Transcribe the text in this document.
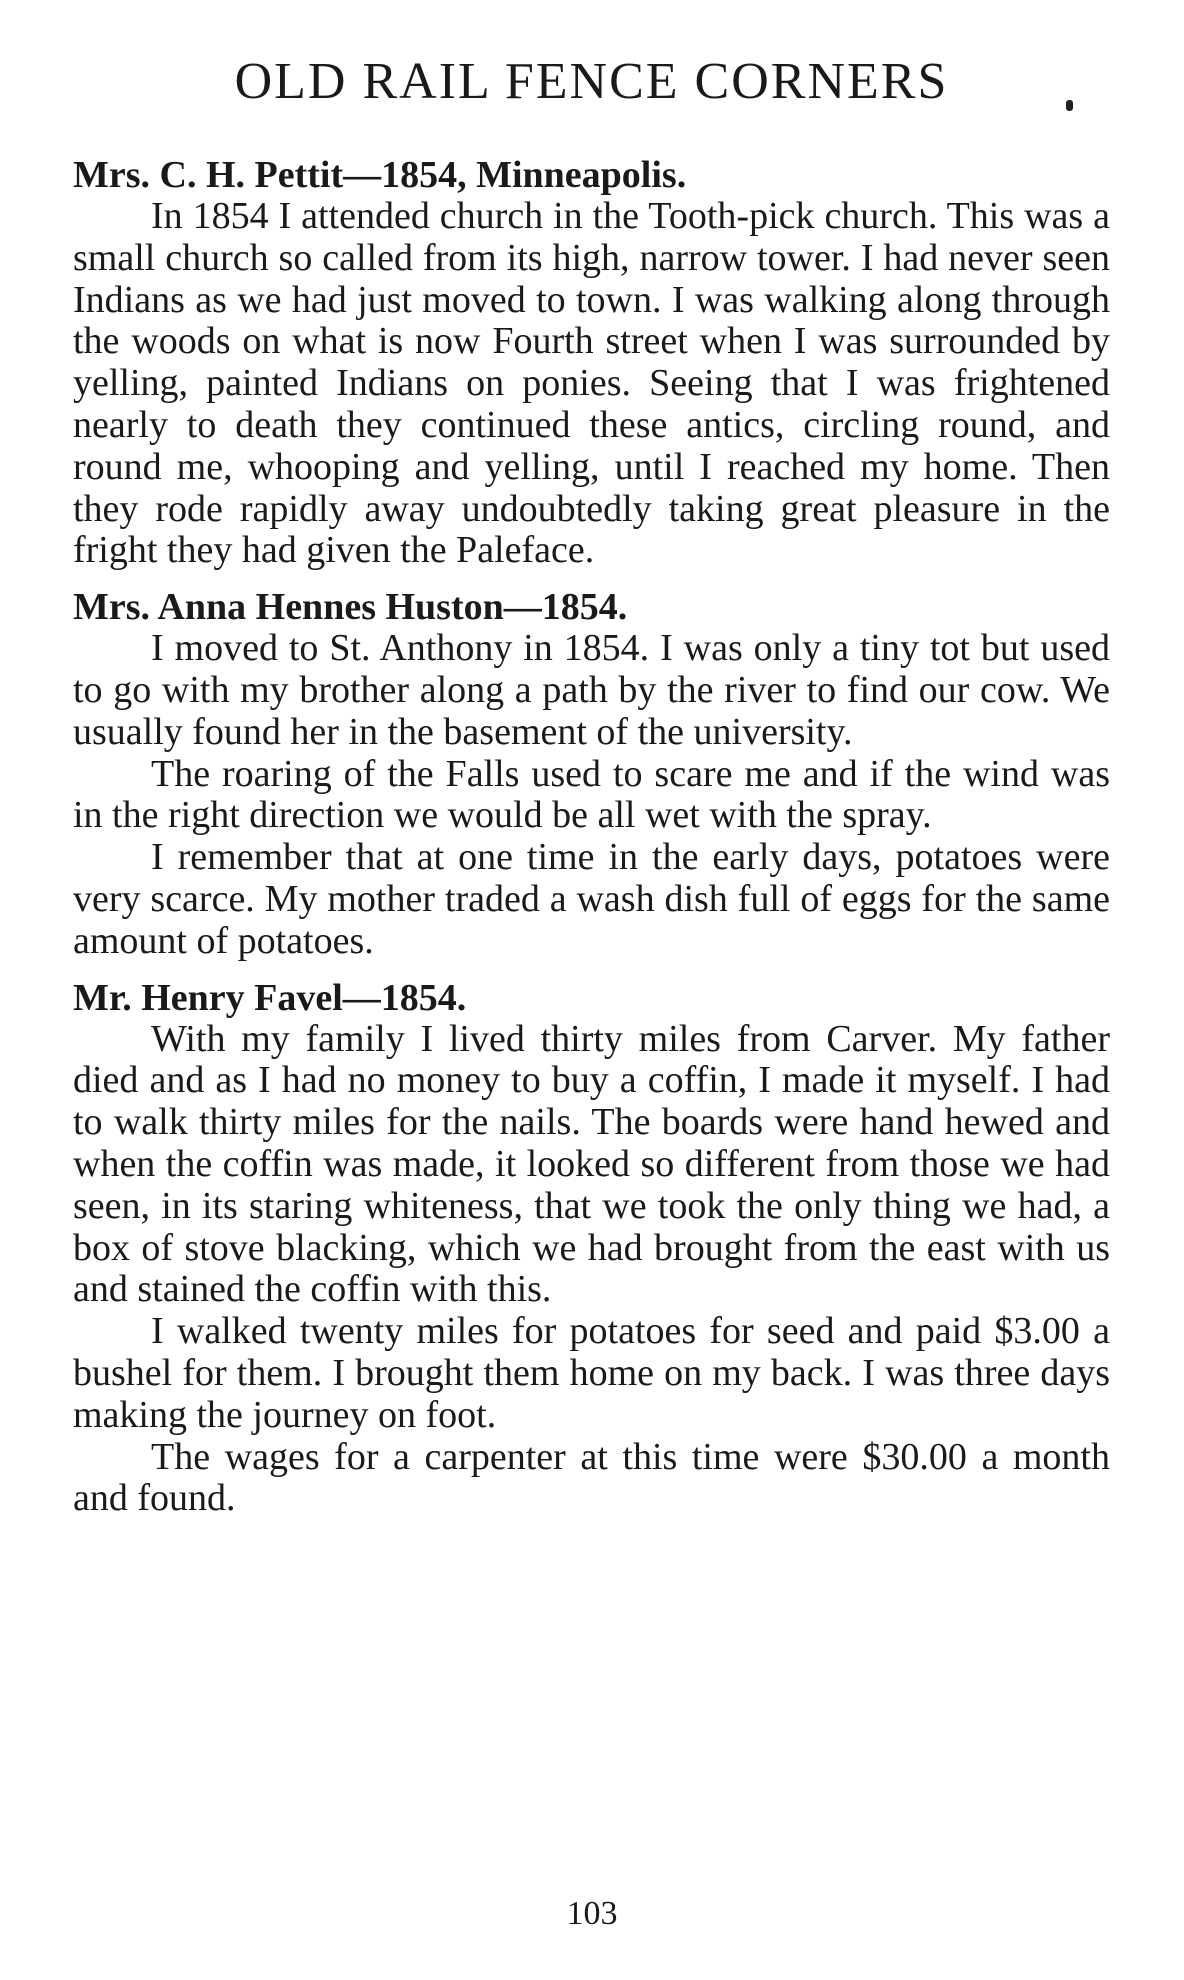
OLD RAIL FENCE CORNERS

Mrs. C. H. Pettit—1854, Minneapolis.

In 1854 I attended church in the Tooth-pick church. This was a small church so called from its high, narrow tower. I had never seen Indians as we had just moved to town. I was walking along through the woods on what is now Fourth street when I was surrounded by yelling, painted Indians on ponies. Seeing that I was frightened nearly to death they continued these antics, circling round, and round me, whooping and yelling, until I reached my home. Then they rode rapidly away undoubtedly taking great pleasure in the fright they had given the Paleface.

Mrs. Anna Hennes Huston—1854.

I moved to St. Anthony in 1854. I was only a tiny tot but used to go with my brother along a path by the river to find our cow. We usually found her in the basement of the university.

The roaring of the Falls used to scare me and if the wind was in the right direction we would be all wet with the spray.

I remember that at one time in the early days, potatoes were very scarce. My mother traded a wash dish full of eggs for the same amount of potatoes.

Mr. Henry Favel—1854.

With my family I lived thirty miles from Carver. My father died and as I had no money to buy a coffin, I made it myself. I had to walk thirty miles for the nails. The boards were hand hewed and when the coffin was made, it looked so different from those we had seen, in its staring whiteness, that we took the only thing we had, a box of stove blacking, which we had brought from the east with us and stained the coffin with this.

I walked twenty miles for potatoes for seed and paid $3.00 a bushel for them. I brought them home on my back. I was three days making the journey on foot.

The wages for a carpenter at this time were $30.00 a month and found.

103
